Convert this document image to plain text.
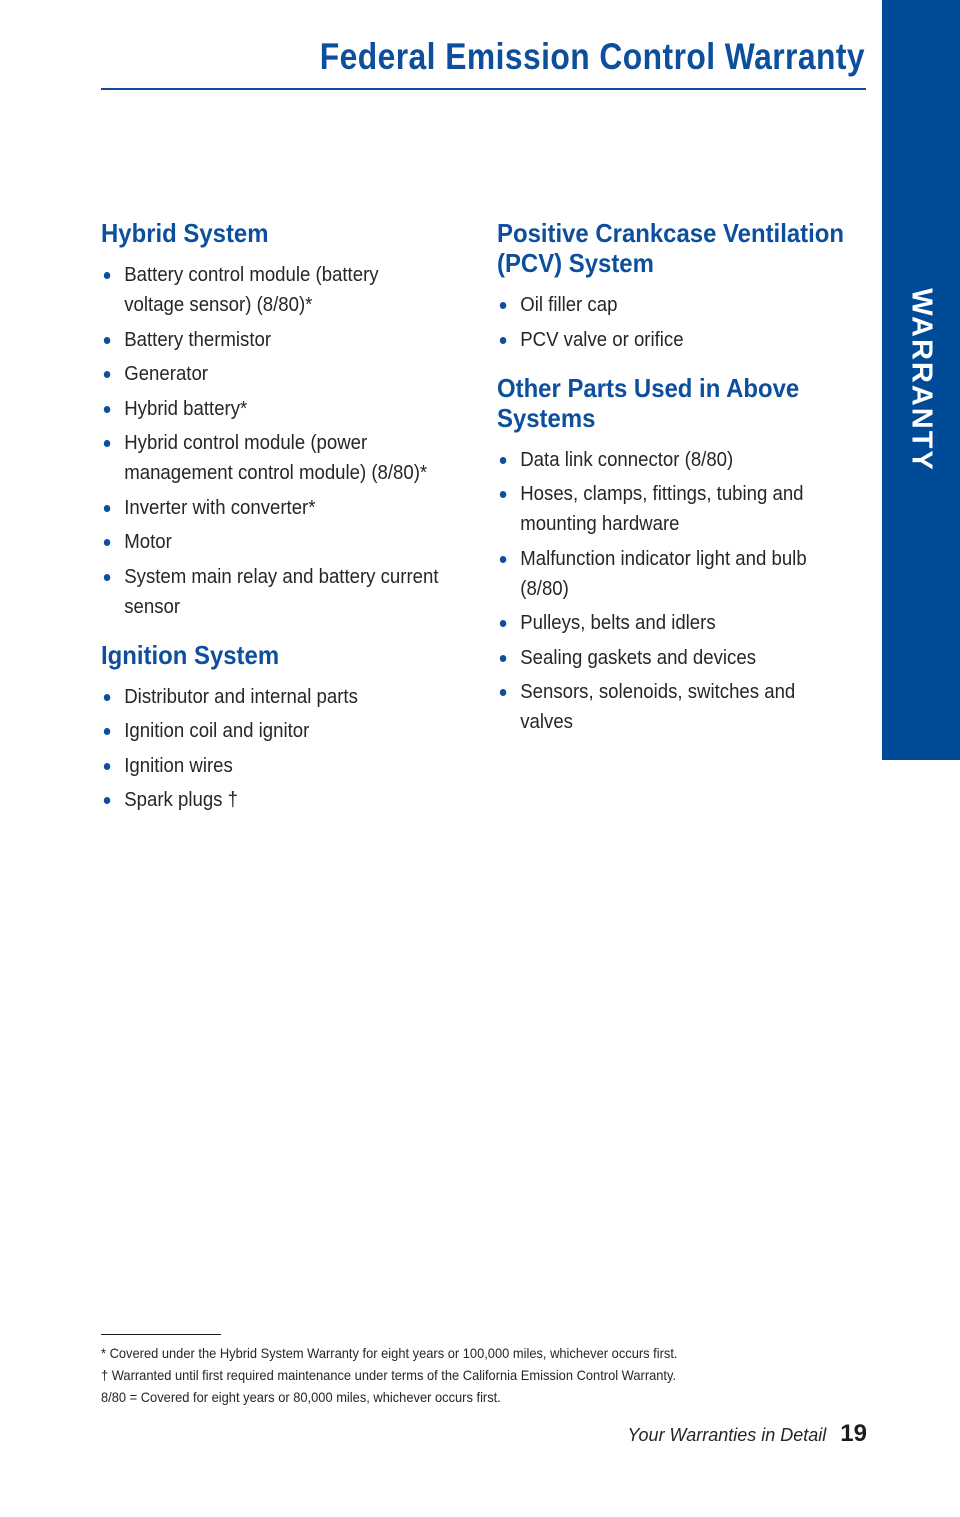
Federal Emission Control Warranty
WARRANTY
Hybrid System
Battery control module (battery
voltage sensor) (8/80)*
Battery thermistor
Generator
Hybrid battery*
Hybrid control module (power
management control module) (8/80)*
Inverter with converter*
Motor
System main relay and battery current
sensor
Ignition System
Distributor and internal parts
Ignition coil and ignitor
Ignition wires
Spark plugs †
Positive Crankcase Ventilation
(PCV) System
Oil filler cap
PCV valve or orifice
Other Parts Used in Above
Systems
Data link connector (8/80)
Hoses, clamps, fittings, tubing and
mounting hardware
Malfunction indicator light and bulb
(8/80)
Pulleys, belts and idlers
Sealing gaskets and devices
Sensors, solenoids, switches and
valves
* Covered under the Hybrid System Warranty for eight years or 100,000 miles, whichever occurs first.
† Warranted until first required maintenance under terms of the California Emission Control Warranty.
8/80 = Covered for eight years or 80,000 miles, whichever occurs first.
Your Warranties in Detail 19
